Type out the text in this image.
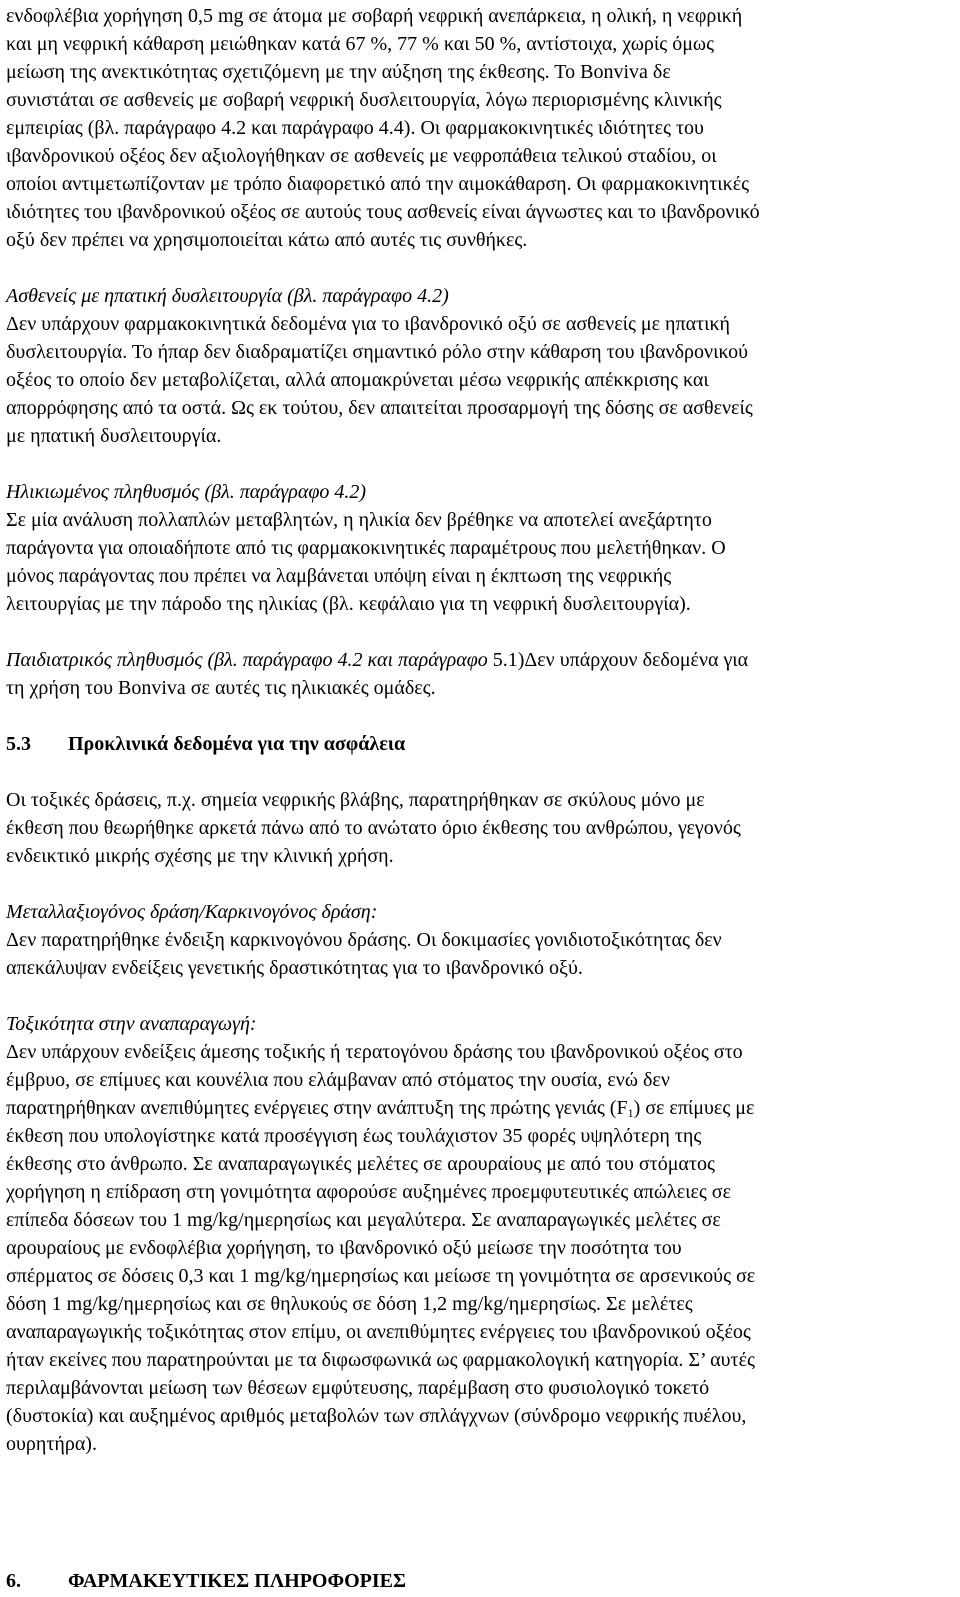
ενδοφλέβια χορήγηση 0,5 mg σε άτομα με σοβαρή νεφρική ανεπάρκεια, η ολική, η νεφρική
και μη νεφρική κάθαρση μειώθηκαν κατά 67 %, 77 % και 50 %, αντίστοιχα, χωρίς όμως
μείωση της ανεκτικότητας σχετιζόμενη με την αύξηση της έκθεσης. Το Bonviva δε
συνιστάται σε ασθενείς με σοβαρή νεφρική δυσλειτουργία, λόγω περιορισμένης κλινικής
εμπειρίας (βλ. παράγραφο 4.2 και παράγραφο 4.4). Οι φαρμακοκινητικές ιδιότητες του
ιβανδρονικού οξέος δεν αξιολογήθηκαν σε ασθενείς με νεφροπάθεια τελικού σταδίου, οι
οποίοι αντιμετωπίζονταν με τρόπο διαφορετικό από την αιμοκάθαρση. Οι φαρμακοκινητικές
ιδιότητες του ιβανδρονικού οξέος σε αυτούς τους ασθενείς είναι άγνωστες και το ιβανδρονικό
οξύ δεν πρέπει να χρησιμοποιείται κάτω από αυτές τις συνθήκες.
Ασθενείς με ηπατική δυσλειτουργία (βλ. παράγραφο 4.2)
Δεν υπάρχουν φαρμακοκινητικά δεδομένα για το ιβανδρονικό οξύ σε ασθενείς με ηπατική
δυσλειτουργία. Το ήπαρ δεν διαδραματίζει σημαντικό ρόλο στην κάθαρση του ιβανδρονικού
οξέος το οποίο δεν μεταβολίζεται, αλλά απομακρύνεται μέσω νεφρικής απέκκρισης και
απορρόφησης από τα οστά. Ως εκ τούτου, δεν απαιτείται προσαρμογή της δόσης σε ασθενείς
με ηπατική δυσλειτουργία.
Ηλικιωμένος πληθυσμός (βλ. παράγραφο 4.2)
Σε μία ανάλυση πολλαπλών μεταβλητών, η ηλικία δεν βρέθηκε να αποτελεί ανεξάρτητο
παράγοντα για οποιαδήποτε από τις φαρμακοκινητικές παραμέτρους που μελετήθηκαν. Ο
μόνος παράγοντας που πρέπει να λαμβάνεται υπόψη είναι η έκπτωση της νεφρικής
λειτουργίας με την πάροδο της ηλικίας (βλ. κεφάλαιο για τη νεφρική δυσλειτουργία).
Παιδιατρικός πληθυσμός (βλ. παράγραφο 4.2 και παράγραφο 5.1)Δεν υπάρχουν δεδομένα για
τη χρήση του Bonviva σε αυτές τις ηλικιακές ομάδες.
5.3 Προκλινικά δεδομένα για την ασφάλεια
Οι τοξικές δράσεις, π.χ. σημεία νεφρικής βλάβης, παρατηρήθηκαν σε σκύλους μόνο με
έκθεση που θεωρήθηκε αρκετά πάνω από το ανώτατο όριο έκθεσης του ανθρώπου, γεγονός
ενδεικτικό μικρής σχέσης με την κλινική χρήση.
Μεταλλαξιογόνος δράση/Καρκινογόνος δράση:
Δεν παρατηρήθηκε ένδειξη καρκινογόνου δράσης. Οι δοκιμασίες γονιδιοτοξικότητας δεν
απεκάλυψαν ενδείξεις γενετικής δραστικότητας για το ιβανδρονικό οξύ.
Τοξικότητα στην αναπαραγωγή:
Δεν υπάρχουν ενδείξεις άμεσης τοξικής ή τερατογόνου δράσης του ιβανδρονικού οξέος στο
έμβρυο, σε επίμυες και κουνέλια που ελάμβαναν από στόματος την ουσία, ενώ δεν
παρατηρήθηκαν ανεπιθύμητες ενέργειες στην ανάπτυξη της πρώτης γενιάς $(F_1)$ σε επίμυες με
έκθεση που υπολογίστηκε κατά προσέγγιση έως τουλάχιστον 35 φορές υψηλότερη της
έκθεσης στο άνθρωπο. Σε αναπαραγωγικές μελέτες σε αρουραίους με από του στόματος
χορήγηση η επίδραση στη γονιμότητα αφορούσε αυξημένες προεμφυτευτικές απώλειες σε
επίπεδα δόσεων του 1 mg/kg/ημερησίως και μεγαλύτερα. Σε αναπαραγωγικές μελέτες σε
αρουραίους με ενδοφλέβια χορήγηση, το ιβανδρονικό οξύ μείωσε την ποσότητα του
σπέρματος σε δόσεις 0,3 και 1 mg/kg/ημερησίως και μείωσε τη γονιμότητα σε αρσενικούς σε
δόση 1 mg/kg/ημερησίως και σε θηλυκούς σε δόση 1,2 mg/kg/ημερησίως. Σε μελέτες
αναπαραγωγικής τοξικότητας στον επίμυ, οι ανεπιθύμητες ενέργειες του ιβανδρονικού οξέος
ήταν εκείνες που παρατηρούνται με τα διφωσφωνικά ως φαρμακολογική κατηγορία. Σ’ αυτές
περιλαμβάνονται μείωση των θέσεων εμφύτευσης, παρέμβαση στο φυσιολογικό τοκετό
(δυστοκία) και αυξημένος αριθμός μεταβολών των σπλάγχνων (σύνδρομο νεφρικής πυέλου,
ουρητήρα).
6. ΦΑΡΜΑΚΕΥΤΙΚΕΣ ΠΛΗΡΟΦΟΡΙΕΣ
